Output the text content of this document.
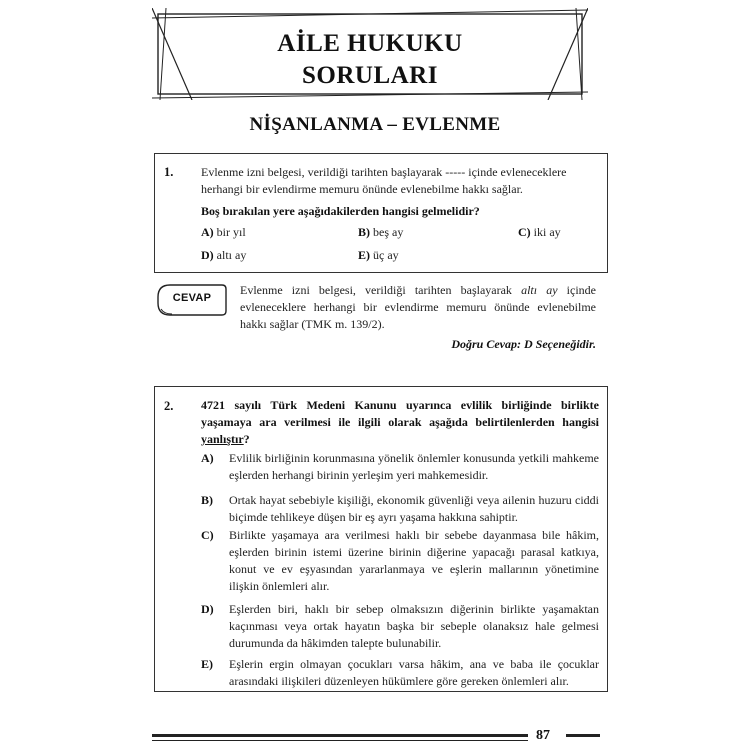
AİLE HUKUKU
SORULARI
NİŞANLANMA – EVLENME
1. Evlenme izni belgesi, verildiği tarihten başlayarak ----- içinde evleneceklere
herhangi bir evlendirme memuru önünde evlenebilme hakkı sağlar.
Boş bırakılan yere aşağıdakilerden hangisi gelmelidir?
A) bir yıl	B) beş ay	C) iki ay
D) altı ay	E) üç ay
CEVAP
Evlenme izni belgesi, verildiği tarihten başlayarak altı ay içinde evleneceklere herhangi bir evlendirme memuru önünde evlenebilme hakkı sağlar (TMK m. 139/2).
Doğru Cevap: D Seçeneğidir.
2. 4721 sayılı Türk Medeni Kanunu uyarınca evlilik birliğinde birlikte yaşamaya ara verilmesi ile ilgili olarak aşağıda belirtilenlerden hangisi yanlıştır?
A) Evlilik birliğinin korunmasına yönelik önlemler konusunda yetkili mahkeme eşlerden herhangi birinin yerleşim yeri mahkemesidir.
B) Ortak hayat sebebiyle kişiliği, ekonomik güvenliği veya ailenin huzuru ciddi biçimde tehlikeye düşen bir eş ayrı yaşama hakkına sahiptir.
C) Birlikte yaşamaya ara verilmesi haklı bir sebebe dayanmasa bile hâkim, eşlerden birinin istemi üzerine birinin diğerine yapacağı parasal katkıya, konut ve ev eşyasından yararlanmaya ve eşlerin mallarının yönetimine ilişkin önlemleri alır.
D) Eşlerden biri, haklı bir sebep olmaksızın diğerinin birlikte yaşamaktan kaçınması veya ortak hayatın başka bir sebeple olanaksız hale gelmesi durumunda da hâkimden talepte bulunabilir.
E) Eşlerin ergin olmayan çocukları varsa hâkim, ana ve baba ile çocuklar arasındaki ilişkileri düzenleyen hükümlere göre gereken önlemleri alır.
87
